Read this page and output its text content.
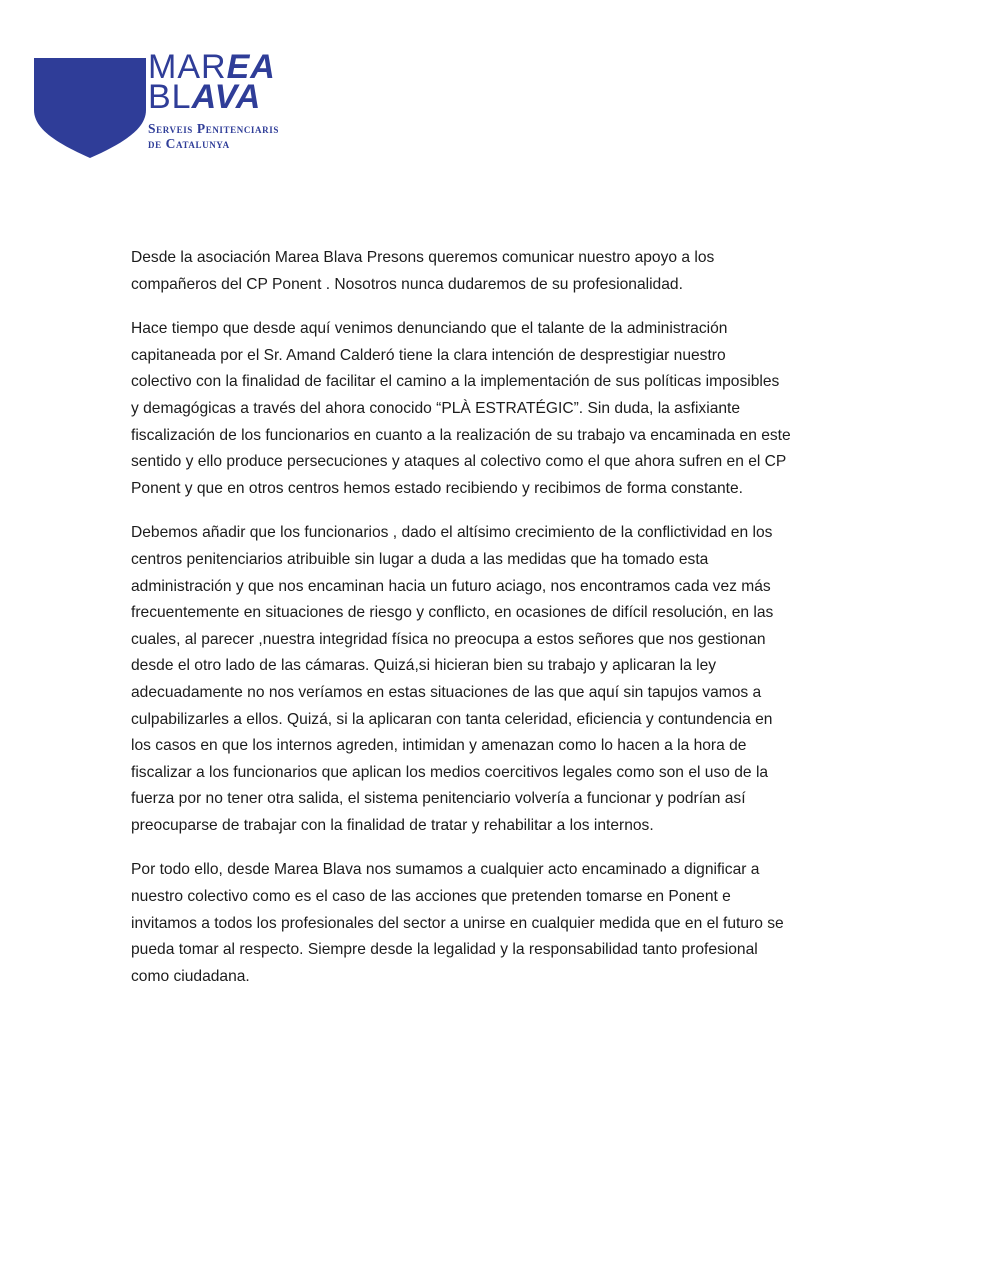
MAREA
BLAVA
Serveis Penitenciaris
de Catalunya

Desde la asociación Marea Blava Presons queremos comunicar nuestro apoyo a los
compañeros del CP Ponent . Nosotros nunca dudaremos de su profesionalidad.

Hace tiempo que desde aquí venimos denunciando que el talante de la administración
capitaneada por el Sr. Amand Calderó tiene la clara intención de desprestigiar nuestro
colectivo con la finalidad de facilitar el camino a la implementación de sus políticas imposibles
y demagógicas a través del ahora conocido “PLÀ ESTRATÉGIC”. Sin duda, la asfixiante
fiscalización de los funcionarios en cuanto a la realización de su trabajo va encaminada en este
sentido y ello produce persecuciones y ataques al colectivo como el que ahora sufren en el CP
Ponent y que en otros centros hemos estado recibiendo y recibimos de forma constante.

Debemos añadir que los funcionarios , dado el altísimo crecimiento de la conflictividad en los
centros penitenciarios atribuible sin lugar a duda a las medidas que ha tomado esta
administración y que nos encaminan hacia un futuro aciago, nos encontramos cada vez más
frecuentemente en situaciones de riesgo y conflicto, en ocasiones de difícil resolución, en las
cuales, al parecer ,nuestra integridad física no preocupa a estos señores que nos gestionan
desde el otro lado de las cámaras. Quizá,si hicieran bien su trabajo y aplicaran la ley
adecuadamente no nos veríamos en estas situaciones de las que aquí sin tapujos vamos a
culpabilizarles a ellos. Quizá, si la aplicaran con tanta celeridad, eficiencia y contundencia en
los casos en que los internos agreden, intimidan y amenazan como lo hacen a la hora de
fiscalizar a los funcionarios que aplican los medios coercitivos legales como son el uso de la
fuerza por no tener otra salida, el sistema penitenciario volvería a funcionar y podrían así
preocuparse de trabajar con la finalidad de tratar y rehabilitar a los internos.

Por todo ello, desde Marea Blava nos sumamos a cualquier acto encaminado a dignificar a
nuestro colectivo como es el caso de las acciones que pretenden tomarse en Ponent e
invitamos a todos los profesionales del sector a unirse en cualquier medida que en el futuro se
pueda tomar al respecto. Siempre desde la legalidad y la responsabilidad tanto profesional
como ciudadana.
